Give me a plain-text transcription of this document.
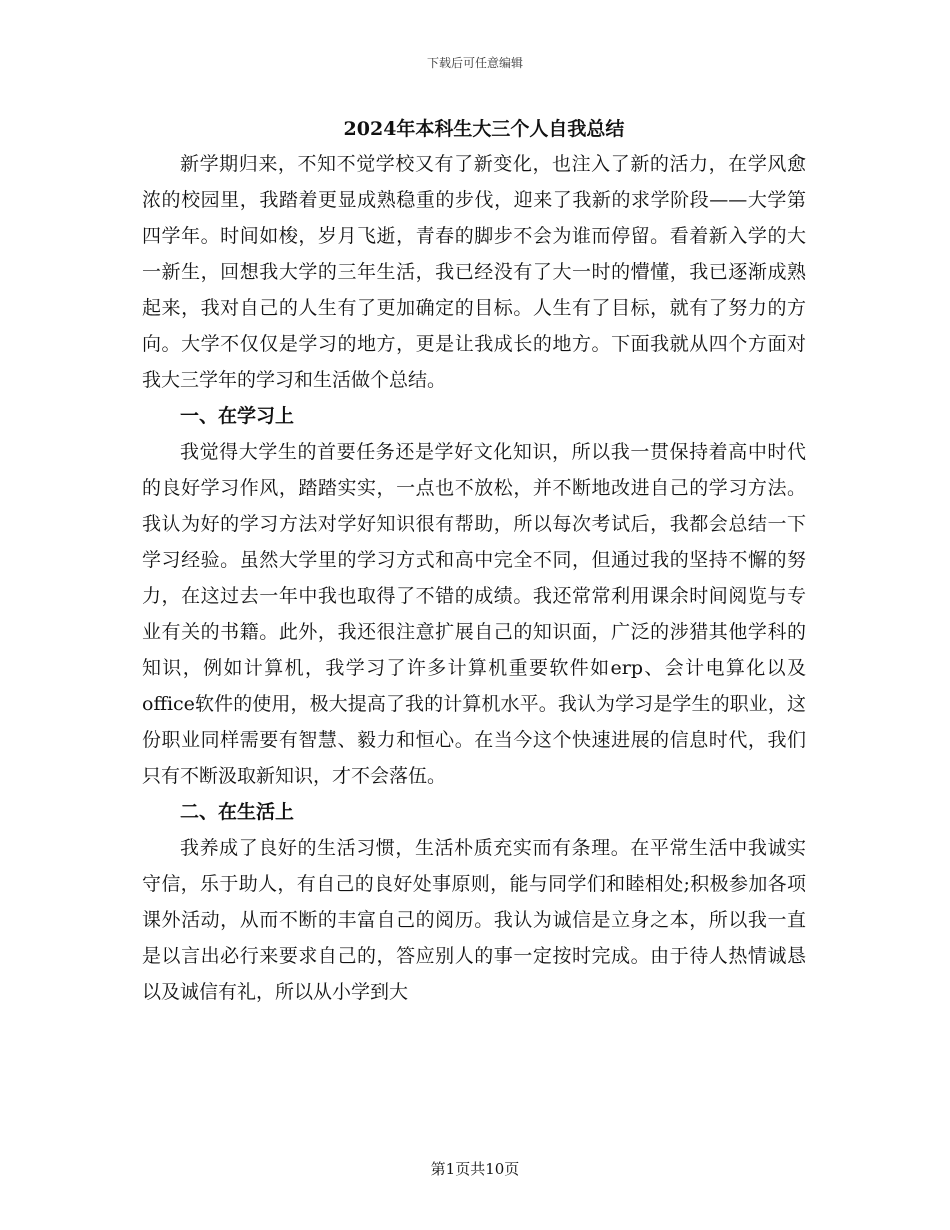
下载后可任意编辑
2024年本科生大三个人自我总结

新学期归来，不知不觉学校又有了新变化，也注入了新的活力，在学风愈浓的校园里，我踏着更显成熟稳重的步伐，迎来了我新的求学阶段——大学第四学年。时间如梭，岁月飞逝，青春的脚步不会为谁而停留。看着新入学的大一新生，回想我大学的三年生活，我已经没有了大一时的懵懂，我已逐渐成熟起来，我对自己的人生有了更加确定的目标。人生有了目标，就有了努力的方向。大学不仅仅是学习的地方，更是让我成长的地方。下面我就从四个方面对我大三学年的学习和生活做个总结。

一、在学习上

我觉得大学生的首要任务还是学好文化知识，所以我一贯保持着高中时代的良好学习作风，踏踏实实，一点也不放松，并不断地改进自己的学习方法。我认为好的学习方法对学好知识很有帮助，所以每次考试后，我都会总结一下学习经验。虽然大学里的学习方式和高中完全不同，但通过我的坚持不懈的努力，在这过去一年中我也取得了不错的成绩。我还常常利用课余时间阅览与专业有关的书籍。此外，我还很注意扩展自己的知识面，广泛的涉猎其他学科的知识，例如计算机，我学习了许多计算机重要软件如erp、会计电算化以及office软件的使用，极大提高了我的计算机水平。我认为学习是学生的职业，这份职业同样需要有智慧、毅力和恒心。在当今这个快速进展的信息时代，我们只有不断汲取新知识，才不会落伍。

二、在生活上

我养成了良好的生活习惯，生活朴质充实而有条理。在平常生活中我诚实守信，乐于助人，有自己的良好处事原则，能与同学们和睦相处;积极参加各项课外活动，从而不断的丰富自己的阅历。我认为诚信是立身之本，所以我一直是以言出必行来要求自己的，答应别人的事一定按时完成。由于待人热情诚恳以及诚信有礼，所以从小学到大

第1页共10页
